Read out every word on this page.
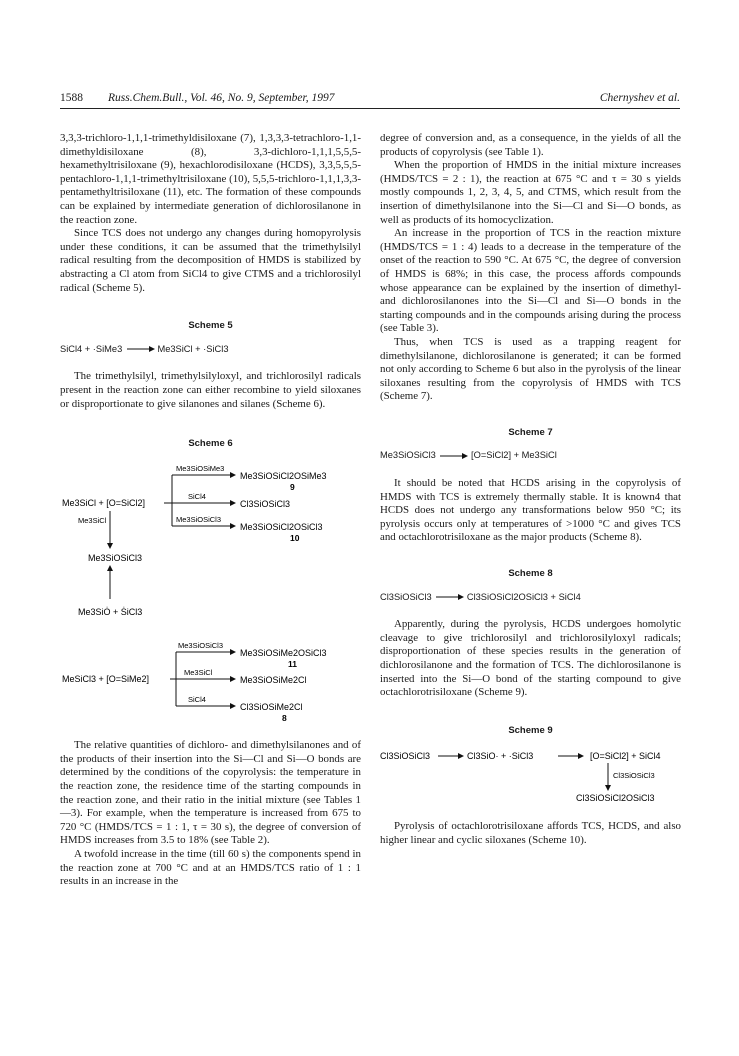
1588 Russ.Chem.Bull., Vol. 46, No. 9, September, 1997	Chernyshev et al.

3,3,3-trichloro-1,1,1-trimethyldisiloxane (7), 1,3,3,3-tetrachloro-1,1-dimethyldisiloxane (8), 3,3-dichloro-1,1,1,5,5,5-hexamethyltrisiloxane (9), hexachlorodisiloxane (HCDS), 3,3,5,5,5-pentachloro-1,1,1-trimethyltrisiloxane (10), 5,5,5-trichloro-1,1,1,3,3-pentamethyltrisiloxane (11), etc. The formation of these compounds can be explained by intermediate generation of dichlorosilanone in the reaction zone.

Since TCS does not undergo any changes during homopyrolysis under these conditions, it can be assumed that the trimethylsilyl radical resulting from the decomposition of HMDS is stabilized by abstracting a Cl atom from SiCl4 to give CTMS and a trichlorosilyl radical (Scheme 5).

Scheme 5
SiCl4 + ·SiMe3 → Me3SiCl + ·SiCl3

The trimethylsilyl, trimethylsilyloxyl, and trichlorosilyl radicals present in the reaction zone can either recombine to yield siloxanes or disproportionate to give silanones and silanes (Scheme 6).

Scheme 6
Me3SiCl + [O=SiCl2]
Me3SiOSiMe3
Me3SiOSiCl2OSiMe3
9
SiCl4
Cl3SiOSiCl3
Me3SiOSiCl3
Me3SiOSiCl2OSiCl3
10
Me3SiCl
Me3SiOSiCl3
Me3SiȮ + ṠiCl3
MeSiCl3 + [O=SiMe2]
Me3SiOSiCl3
Me3SiOSiMe2OSiCl3
11
Me3SiCl
Me3SiOSiMe2Cl
SiCl4
Cl3SiOSiMe2Cl
8

The relative quantities of dichloro- and dimethylsilanones and of the products of their insertion into the Si—Cl and Si—O bonds are determined by the conditions of the copyrolysis: the temperature in the reaction zone, the residence time of the starting compounds in the reaction zone, and their ratio in the initial mixture (see Tables 1—3). For example, when the temperature is increased from 675 to 720 °C (HMDS/TCS = 1 : 1, τ = 30 s), the degree of conversion of HMDS increases from 3.5 to 18% (see Table 2).

A twofold increase in the time (till 60 s) the components spend in the reaction zone at 700 °C and at an HMDS/TCS ratio of 1 : 1 results in an increase in the

degree of conversion and, as a consequence, in the yields of all the products of copyrolysis (see Table 1).

When the proportion of HMDS in the initial mixture increases (HMDS/TCS = 2 : 1), the reaction at 675 °C and τ = 30 s yields mostly compounds 1, 2, 3, 4, 5, and CTMS, which result from the insertion of dimethylsilanone into the Si—Cl and Si—O bonds, as well as products of its homocyclization.

An increase in the proportion of TCS in the reaction mixture (HMDS/TCS = 1 : 4) leads to a decrease in the temperature of the onset of the reaction to 590 °C. At 675 °C, the degree of conversion of HMDS is 68%; in this case, the process affords compounds whose appearance can be explained by the insertion of dimethyl- and dichlorosilanones into the Si—Cl and Si—O bonds in the starting compounds and in the compounds arising during the process (see Table 3).

Thus, when TCS is used as a trapping reagent for dimethylsilanone, dichlorosilanone is generated; it can be formed not only according to Scheme 6 but also in the pyrolysis of the linear siloxanes resulting from the copyrolysis of HMDS with TCS (Scheme 7).

Scheme 7
Me3SiOSiCl3 → [O=SiCl2] + Me3SiCl

It should be noted that HCDS arising in the copyrolysis of HMDS with TCS is extremely thermally stable. It is known4 that HCDS does not undergo any transformations below 950 °C; its pyrolysis occurs only at temperatures of >1000 °C and gives TCS and octachlorotrisiloxane as the major products (Scheme 8).

Scheme 8
Cl3SiOSiCl3 → Cl3SiOSiCl2OSiCl3 + SiCl4

Apparently, during the pyrolysis, HCDS undergoes homolytic cleavage to give trichlorosilyl and trichlorosilyloxyl radicals; disproportionation of these species results in the generation of dichlorosilanone and the formation of TCS. The dichlorosilanone is inserted into the Si—O bond of the starting compound to give octachlorotrisiloxane (Scheme 9).

Scheme 9
Cl3SiOSiCl3	Cl3SiO· + ·SiCl3	[O=SiCl2] + SiCl4
Cl3SiOSiCl3
Cl3SiOSiCl2OSiCl3

Pyrolysis of octachlorotrisiloxane affords TCS, HCDS, and also higher linear and cyclic siloxanes (Scheme 10).
